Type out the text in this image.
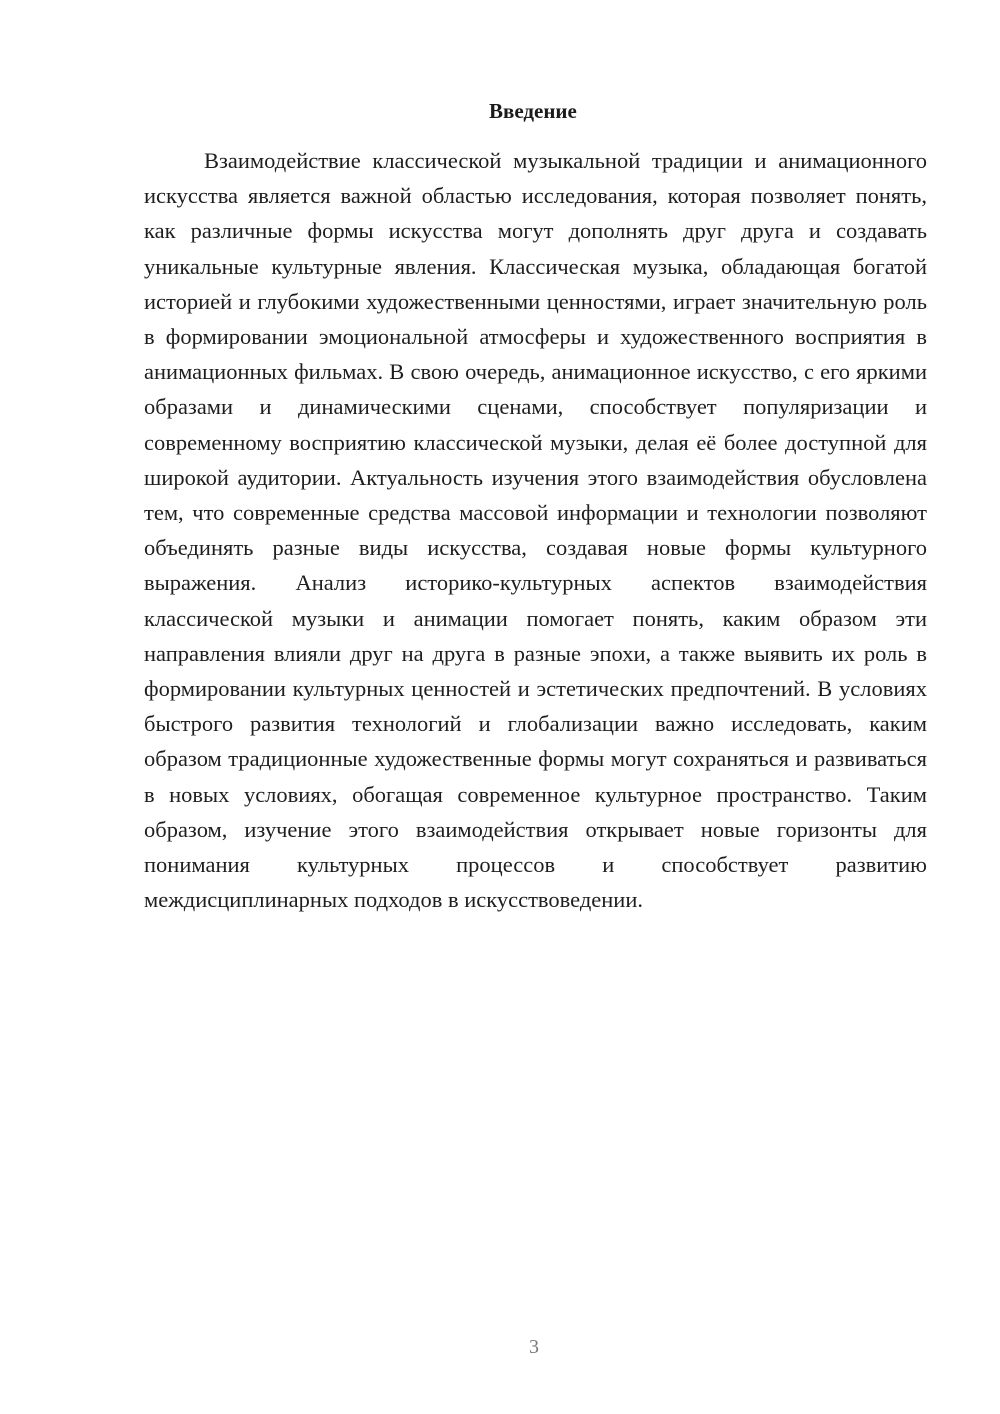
Введение

Взаимодействие классической музыкальной традиции и анимационного искусства является важной областью исследования, которая позволяет понять, как различные формы искусства могут дополнять друг друга и создавать уникальные культурные явления. Классическая музыка, обладающая богатой историей и глубокими художественными ценностями, играет значительную роль в формировании эмоциональной атмосферы и художественного восприятия в анимационных фильмах. В свою очередь, анимационное искусство, с его яркими образами и динамическими сценами, способствует популяризации и современному восприятию классической музыки, делая её более доступной для широкой аудитории. Актуальность изучения этого взаимодействия обусловлена тем, что современные средства массовой информации и технологии позволяют объединять разные виды искусства, создавая новые формы культурного выражения. Анализ историко-культурных аспектов взаимодействия классической музыки и анимации помогает понять, каким образом эти направления влияли друг на друга в разные эпохи, а также выявить их роль в формировании культурных ценностей и эстетических предпочтений. В условиях быстрого развития технологий и глобализации важно исследовать, каким образом традиционные художественные формы могут сохраняться и развиваться в новых условиях, обогащая современное культурное пространство. Таким образом, изучение этого взаимодействия открывает новые горизонты для понимания культурных процессов и способствует развитию междисциплинарных подходов в искусствоведении.

3
